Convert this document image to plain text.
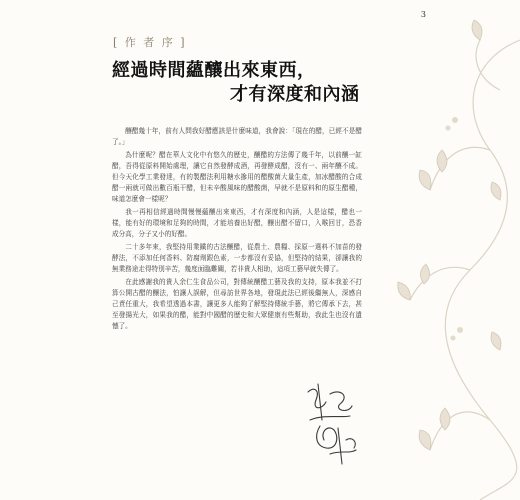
3
[ 作 者 序 ]
經過時間蘊釀出來東西，
才有深度和內涵

釀醋幾十年，前有人問我好醋應該是什麼味道，我會說：「現在的醋，已經不是醋了。」

為什麼呢？醋在華人文化中有悠久的歷史，釀醋的方法傳了幾千年，以前釀一缸醋，吾得從原料開始處理，讓它自然發酵成酒，再發酵成醋，沒有一、兩年釀不成。但今天化學工業發達，有的製醋法利用糖水摻用的醋酸菌大量生產，加冰醋酸的合成醋一兩就可做出數百瓶干醋，但未辛酸風味的醋酸菌，早就不是原料和的原生醋種，味道怎麼會一樣呢？

我一再相信經過時間慢慢蘊釀出來東西，才有深度和內涵，人是這樣，醋也一樣，能有好的環境和足夠的時間，才能培養出好醋，釀出醋不留口，入喉回甘，恐香成分高，分子又小的好醋。

二十多年來，我堅持用業鐵的古法釀醋，從農土、農糧、採原一選料不加苗的發酵法，不添加任何香料、防腐劑跟色素，一步都沒有妥協，但堅持的結果，卻讓我的無業務途走得特別辛苦，幾度面臨難關，若非貴人相助，這項工藝早就失傳了。

在此感謝我的貴人余仁生食品公司，對傳統釀醋工藝及我的支持，原本我並不打算公開古醋的釀法，怕讓人誤解，但尋訪世界各地，發現此法已經後繼無人，深感自己責任重大，我希望透過本書，讓更多人能夠了解堅持傳統手藝，將它傳承下去，甚至發揚光大，如果我的醋，能對中國醋的歷史和大眾健康有些幫助，我此生也沒有遺憾了。
